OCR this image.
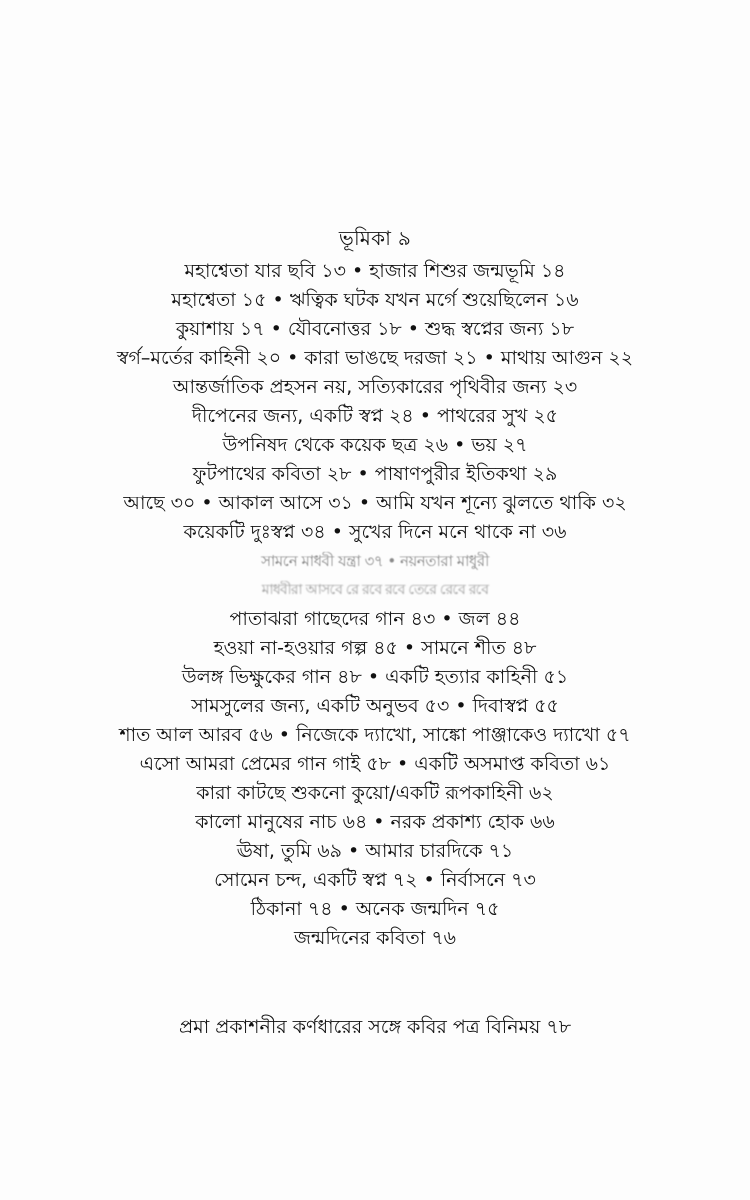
ভূমিকা ৯
মহাশ্বেতা যার ছবি ১৩ • হাজার শিশুর জন্মভূমি ১৪
মহাশ্বেতা ১৫ • ঋত্বিক ঘটক যখন মর্গে শুয়েছিলেন ১৬
কুয়াশায় ১৭ • যৌবনোত্তর ১৮ • শুদ্ধ স্বপ্নের জন্য ১৮
স্বর্গ–মর্তের কাহিনী ২০ • কারা ভাঙছে দরজা ২১ • মাথায় আগুন ২২
আন্তর্জাতিক প্রহসন নয়, সত্যিকারের পৃথিবীর জন্য ২৩
দীপেনের জন্য, একটি স্বপ্ন ২৪ • পাথরের সুখ ২৫
উপনিষদ থেকে কয়েক ছত্র ২৬ • ভয় ২৭
ফুটপাথের কবিতা ২৮ • পাষাণপুরীর ইতিকথা ২৯
আছে ৩০ • আকাল আসে ৩১ • আমি যখন শূন্যে ঝুলতে থাকি ৩২
কয়েকটি দুঃস্বপ্ন ৩৪ • সুখের দিনে মনে থাকে না ৩৬
সামনে মাধবী যন্ত্রা ৩৭ • নয়নতারা মাধুরী
মাধবীরা আসবে রে রবে রবে তেরে রেবে রবে
পাতাঝরা গাছেদের গান ৪৩ • জল ৪৪
হওয়া না-হওয়ার গল্প ৪৫ • সামনে শীত ৪৮
উলঙ্গ ভিক্ষুকের গান ৪৮ • একটি হত্যার কাহিনী ৫১
সামসুলের জন্য, একটি অনুভব ৫৩ • দিবাস্বপ্ন ৫৫
শাত আল আরব ৫৬ • নিজেকে দ্যাখো, সাঙ্কো পাঞ্জাকেও দ্যাখো ৫৭
এসো আমরা প্রেমের গান গাই ৫৮ • একটি অসমাপ্ত কবিতা ৬১
কারা কাটছে শুকনো কুয়ো/একটি রূপকাহিনী ৬২
কালো মানুষের নাচ ৬৪ • নরক প্রকাশ্য হোক ৬৬
ঊষা, তুমি ৬৯ • আমার চারদিকে ৭১
সোমেন চন্দ, একটি স্বপ্ন ৭২ • নির্বাসনে ৭৩
ঠিকানা ৭৪ • অনেক জন্মদিন ৭৫
জন্মদিনের কবিতা ৭৬
প্রমা প্রকাশনীর কর্ণধারের সঙ্গে কবির পত্র বিনিময় ৭৮
